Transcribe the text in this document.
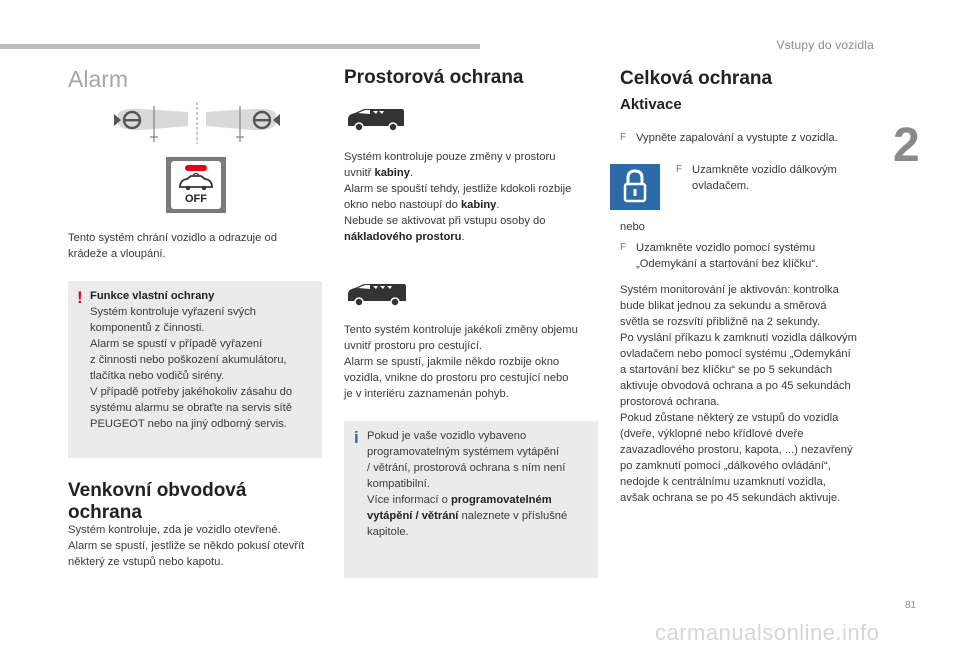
Vstupy do vozidla
2
81
carmanualsonline.info
Alarm
OFF
Tento systém chrání vozidlo a odrazuje od krádeže a vloupání.
! Funkce vlastní ochrany
Systém kontroluje vyřazení svých
komponentů z činnosti.
Alarm se spustí v případě vyřazení
z činnosti nebo poškození akumulátoru,
tlačítka nebo vodičů sirény.
V případě potřeby jakéhokoliv zásahu do
systému alarmu se obraťte na servis sítě
PEUGEOT nebo na jiný odborný servis.
Venkovní obvodová
ochrana
Systém kontroluje, zda je vozidlo otevřené.
Alarm se spustí, jestliže se někdo pokusí otevřít
některý ze vstupů nebo kapotu.
Prostorová ochrana
Systém kontroluje pouze změny v prostoru
uvnitř kabiny.
Alarm se spouští tehdy, jestliže kdokoli rozbije
okno nebo nastoupí do kabiny.
Nebude se aktivovat při vstupu osoby do
nákladového prostoru.
Tento systém kontroluje jakékoli změny objemu
uvnitř prostoru pro cestující.
Alarm se spustí, jakmile někdo rozbije okno
vozidla, vnikne do prostoru pro cestující nebo
je v interiéru zaznamenán pohyb.
i Pokud je vaše vozidlo vybaveno
programovatelným systémem vytápění
/ větrání, prostorová ochrana s ním není
kompatibilní.
Více informací o programovatelném
vytápění / větrání naleznete v příslušné
kapitole.
Celková ochrana
Aktivace
F Vypněte zapalování a vystupte z vozidla.
F Uzamkněte vozidlo dálkovým
ovladačem.
nebo
F Uzamkněte vozidlo pomocí systému
„Odemykání a startování bez klíčku“.
Systém monitorování je aktivován: kontrolka
bude blikat jednou za sekundu a směrová
světla se rozsvítí přibližně na 2 sekundy.
Po vyslání příkazu k zamknutí vozidla dálkovým
ovladačem nebo pomocí systému „Odemykání
a startování bez klíčku“ se po 5 sekundách
aktivuje obvodová ochrana a po 45 sekundách
prostorová ochrana.
Pokud zůstane některý ze vstupů do vozidla
(dveře, výklopné nebo křídlové dveře
zavazadlového prostoru, kapota, ...) nezavřený
po zamknutí pomocí „dálkového ovládání“,
nedojde k centrálnímu uzamknutí vozidla,
avšak ochrana se po 45 sekundách aktivuje.
